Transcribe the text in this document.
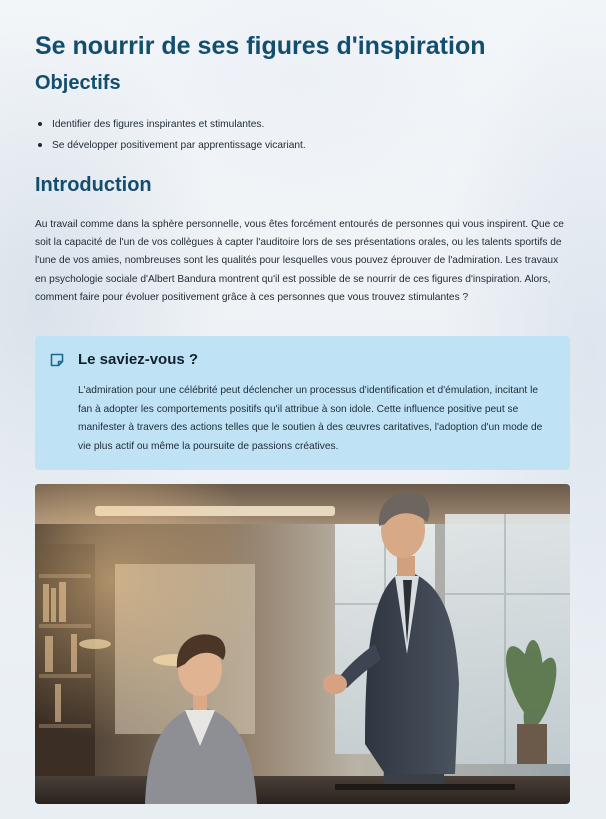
Se nourrir de ses figures d'inspiration
Objectifs
Identifier des figures inspirantes et stimulantes.
Se développer positivement par apprentissage vicariant.
Introduction

Au travail comme dans la sphère personnelle, vous êtes forcément entourés de personnes qui vous inspirent. Que ce soit la capacité de l'un de vos collègues à capter l'auditoire lors de ses présentations orales, ou les talents sportifs de l'une de vos amies, nombreuses sont les qualités pour lesquelles vous pouvez éprouver de l'admiration. Les travaux en psychologie sociale d'Albert Bandura montrent qu'il est possible de se nourrir de ces figures d'inspiration. Alors, comment faire pour évoluer positivement grâce à ces personnes que vous trouvez stimulantes ?

Le saviez-vous ?

L'admiration pour une célébrité peut déclencher un processus d'identification et d'émulation, incitant le fan à adopter les comportements positifs qu'il attribue à son idole. Cette influence positive peut se manifester à travers des actions telles que le soutien à des œuvres caritatives, l'adoption d'un mode de vie plus actif ou même la poursuite de passions créatives.
